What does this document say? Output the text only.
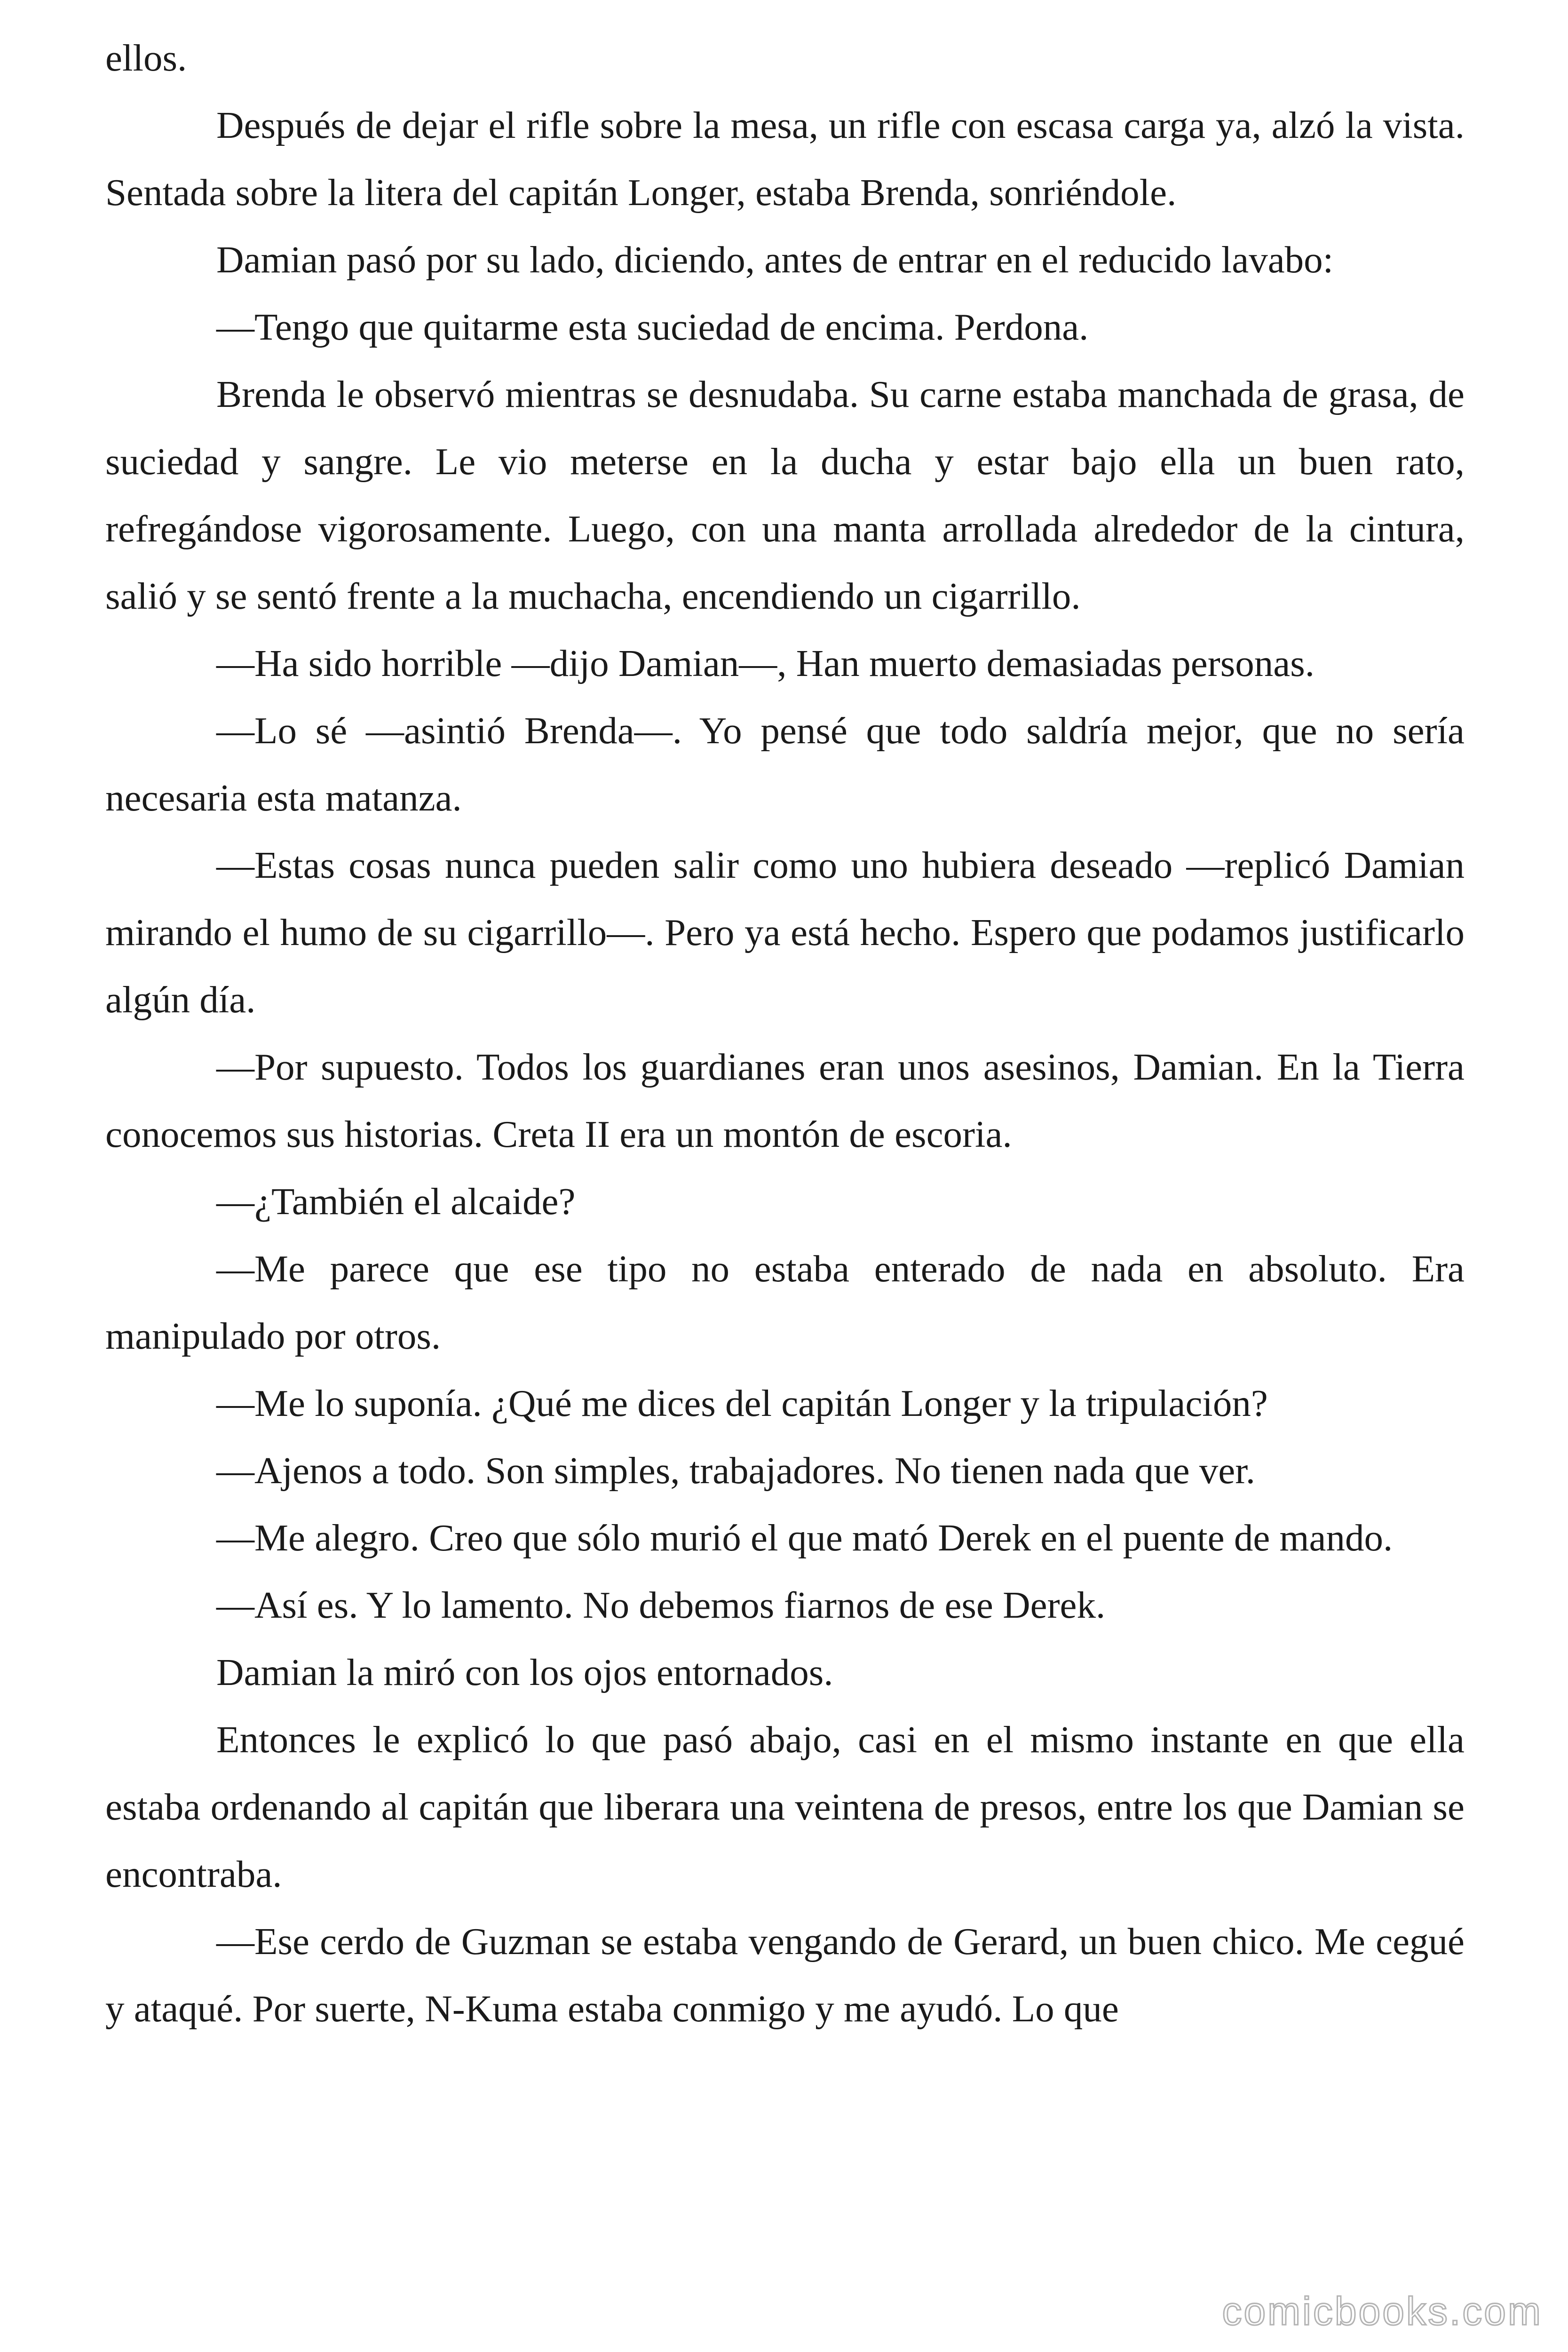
ellos.

Después de dejar el rifle sobre la mesa, un rifle con escasa carga ya, alzó la vista. Sentada sobre la litera del capitán Longer, estaba Brenda, sonriéndole.

Damian pasó por su lado, diciendo, antes de entrar en el reducido lavabo:

—Tengo que quitarme esta suciedad de encima. Perdona.

Brenda le observó mientras se desnudaba. Su carne estaba manchada de grasa, de suciedad y sangre. Le vio meterse en la ducha y estar bajo ella un buen rato, refregándose vigorosamente. Luego, con una manta arrollada alrededor de la cintura, salió y se sentó frente a la muchacha, encendiendo un cigarrillo.

—Ha sido horrible —dijo Damian—, Han muerto demasiadas personas.

—Lo sé —asintió Brenda—. Yo pensé que todo saldría mejor, que no sería necesaria esta matanza.

—Estas cosas nunca pueden salir como uno hubiera deseado —replicó Damian mirando el humo de su cigarrillo—. Pero ya está hecho. Espero que podamos justificarlo algún día.

—Por supuesto. Todos los guardianes eran unos asesinos, Damian. En la Tierra conocemos sus historias. Creta II era un montón de escoria.

—¿También el alcaide?

—Me parece que ese tipo no estaba enterado de nada en absoluto. Era manipulado por otros.

—Me lo suponía. ¿Qué me dices del capitán Longer y la tripulación?

—Ajenos a todo. Son simples, trabajadores. No tienen nada que ver.

—Me alegro. Creo que sólo murió el que mató Derek en el puente de mando.

—Así es. Y lo lamento. No debemos fiarnos de ese Derek.

Damian la miró con los ojos entornados.

Entonces le explicó lo que pasó abajo, casi en el mismo instante en que ella estaba ordenando al capitán que liberara una veintena de presos, entre los que Damian se encontraba.

—Ese cerdo de Guzman se estaba vengando de Gerard, un buen chico. Me cegué y ataqué. Por suerte, N-Kuma estaba conmigo y me ayudó. Lo que

comicbooks.com
